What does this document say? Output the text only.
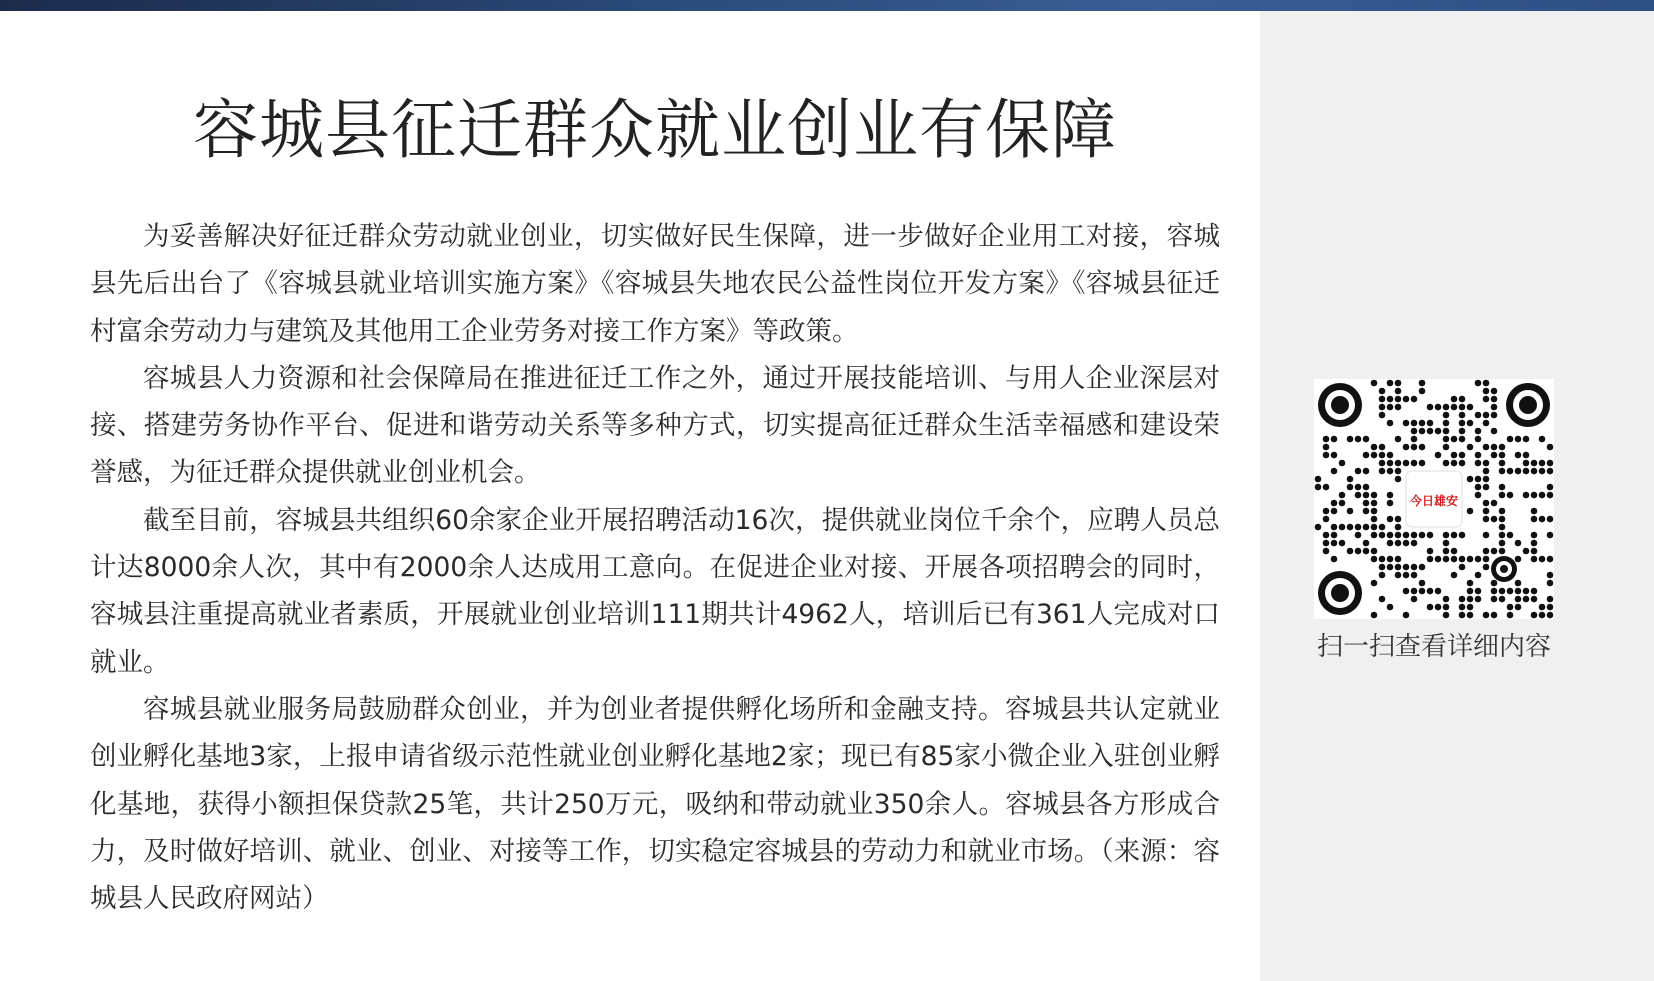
容城县征迁群众就业创业有保障

为妥善解决好征迁群众劳动就业创业，切实做好民生保障，进一步做好企业用工对接，容城县先后出台了《容城县就业培训实施方案》《容城县失地农民公益性岗位开发方案》《容城县征迁村富余劳动力与建筑及其他用工企业劳务对接工作方案》等政策。

容城县人力资源和社会保障局在推进征迁工作之外，通过开展技能培训、与用人企业深层对接、搭建劳务协作平台、促进和谐劳动关系等多种方式，切实提高征迁群众生活幸福感和建设荣誉感，为征迁群众提供就业创业机会。

截至目前，容城县共组织60余家企业开展招聘活动16次，提供就业岗位千余个，应聘人员总计达8000余人次，其中有2000余人达成用工意向。在促进企业对接、开展各项招聘会的同时，容城县注重提高就业者素质，开展就业创业培训111期共计4962人，培训后已有361人完成对口就业。

容城县就业服务局鼓励群众创业，并为创业者提供孵化场所和金融支持。容城县共认定就业创业孵化基地3家，上报申请省级示范性就业创业孵化基地2家；现已有85家小微企业入驻创业孵化基地，获得小额担保贷款25笔，共计250万元，吸纳和带动就业350余人。容城县各方形成合力，及时做好培训、就业、创业、对接等工作，切实稳定容城县的劳动力和就业市场。（来源：容城县人民政府网站）

今日雄安
扫一扫查看详细内容
